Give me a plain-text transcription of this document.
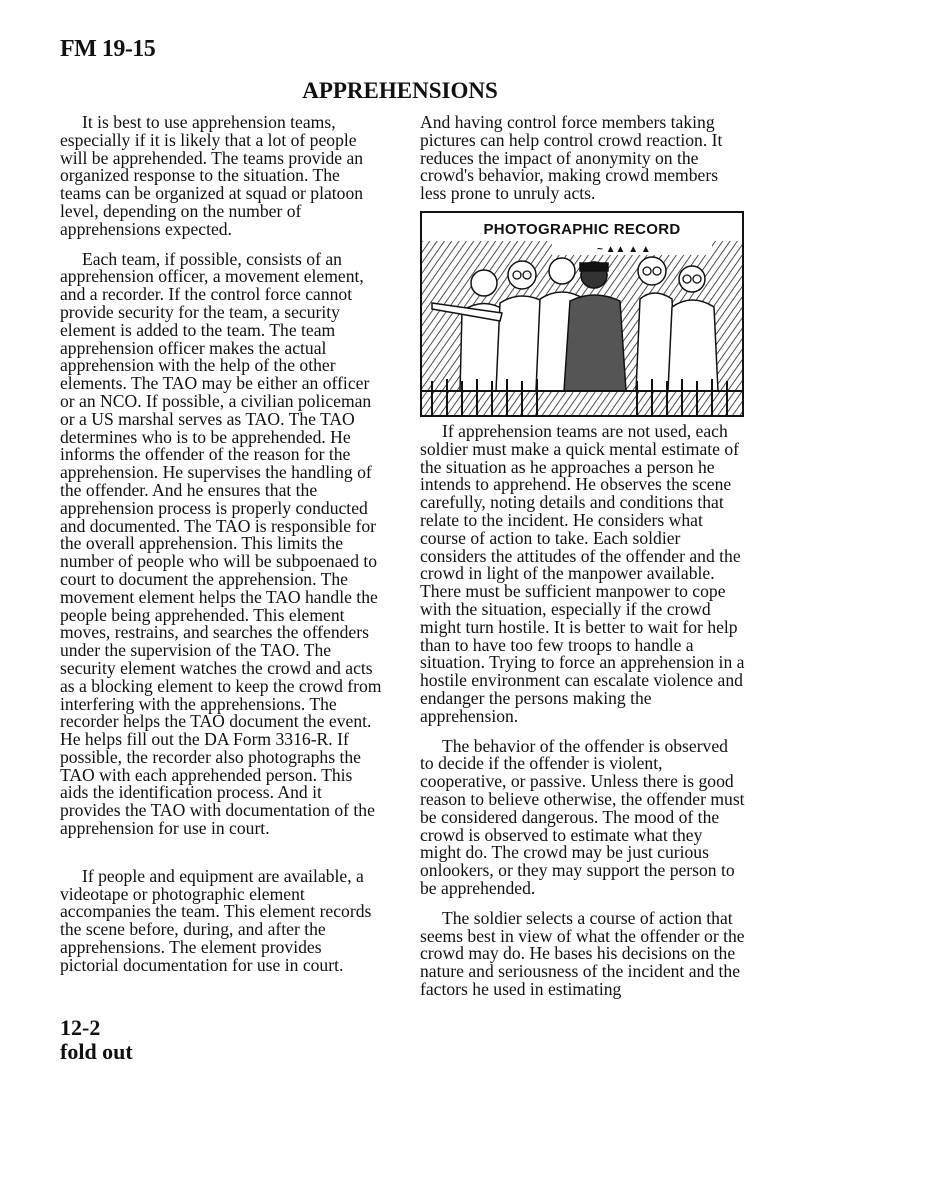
FM 19-15
APPREHENSIONS

It is best to use apprehension teams, especially if it is likely that a lot of people will be apprehended. The teams provide an organized response to the situation. The teams can be organized at squad or platoon level, depending on the number of apprehensions expected.

Each team, if possible, consists of an apprehension officer, a movement element, and a recorder. If the control force cannot provide security for the team, a security element is added to the team. The team apprehension officer makes the actual apprehension with the help of the other elements. The TAO may be either an officer or an NCO. If possible, a civilian policeman or a US marshal serves as TAO. The TAO determines who is to be apprehended. He informs the offender of the reason for the apprehension. He supervises the handling of the offender. And he ensures that the apprehension process is properly conducted and documented. The TAO is responsible for the overall apprehension. This limits the number of people who will be subpoenaed to court to document the apprehension. The movement element helps the TAO handle the people being apprehended. This element moves, restrains, and searches the offenders under the supervision of the TAO. The security element watches the crowd and acts as a blocking element to keep the crowd from interfering with the apprehensions. The recorder helps the TAO document the event. He helps fill out the DA Form 3316-R. If possible, the recorder also photographs the TAO with each apprehended person. This aids the identification process. And it provides the TAO with documentation of the apprehension for use in court.

If people and equipment are available, a videotape or photographic element accompanies the team. This element records the scene before, during, and after the apprehensions. The element provides pictorial documentation for use in court.

And having control force members taking pictures can help control crowd reaction. It reduces the impact of anonymity on the crowd's behavior, making crowd members less prone to unruly acts.

PHOTOGRAPHIC RECORD
~ ▲▲ ▲ ▲

If apprehension teams are not used, each soldier must make a quick mental estimate of the situation as he approaches a person he intends to apprehend. He observes the scene carefully, noting details and conditions that relate to the incident. He considers what course of action to take. Each soldier considers the attitudes of the offender and the crowd in light of the manpower available. There must be sufficient manpower to cope with the situation, especially if the crowd might turn hostile. It is better to wait for help than to have too few troops to handle a situation. Trying to force an apprehension in a hostile environment can escalate violence and endanger the persons making the apprehension.

The behavior of the offender is observed to decide if the offender is violent, cooperative, or passive. Unless there is good reason to believe otherwise, the offender must be considered dangerous. The mood of the crowd is observed to estimate what they might do. The crowd may be just curious onlookers, or they may support the person to be apprehended.

The soldier selects a course of action that seems best in view of what the offender or the crowd may do. He bases his decisions on the nature and seriousness of the incident and the factors he used in estimating

12-2
fold out
